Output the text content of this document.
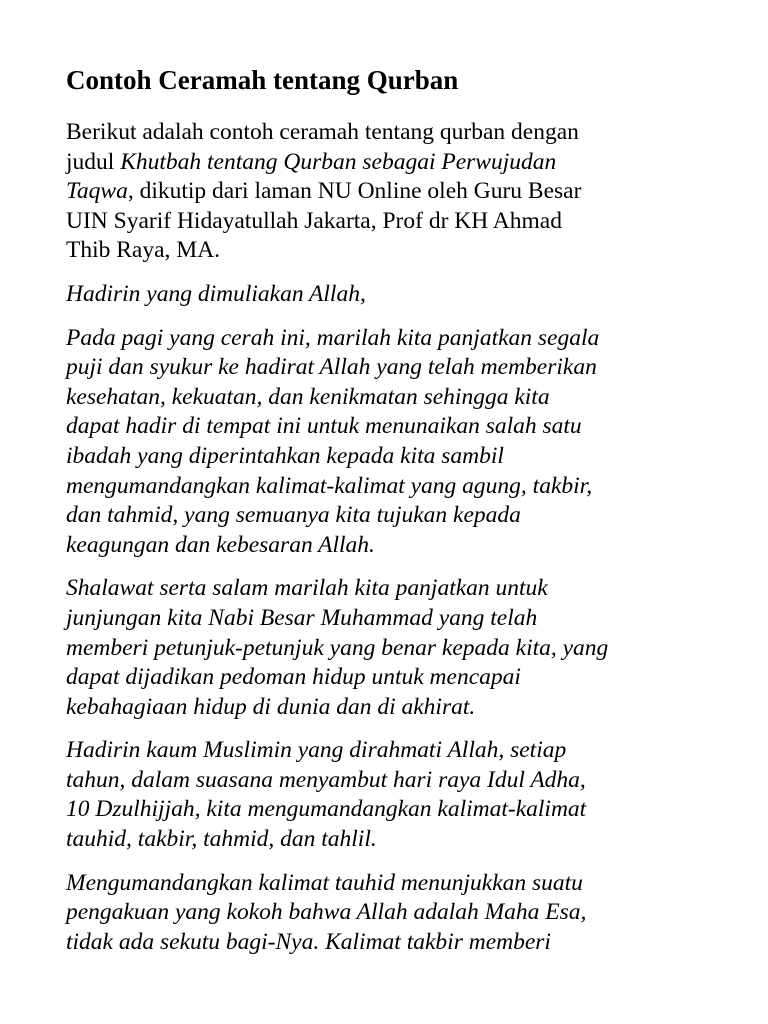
Contoh Ceramah tentang Qurban

Berikut adalah contoh ceramah tentang qurban dengan
judul Khutbah tentang Qurban sebagai Perwujudan
Taqwa, dikutip dari laman NU Online oleh Guru Besar
UIN Syarif Hidayatullah Jakarta, Prof dr KH Ahmad
Thib Raya, MA.

Hadirin yang dimuliakan Allah,

Pada pagi yang cerah ini, marilah kita panjatkan segala
puji dan syukur ke hadirat Allah yang telah memberikan
kesehatan, kekuatan, dan kenikmatan sehingga kita
dapat hadir di tempat ini untuk menunaikan salah satu
ibadah yang diperintahkan kepada kita sambil
mengumandangkan kalimat-kalimat yang agung, takbir,
dan tahmid, yang semuanya kita tujukan kepada
keagungan dan kebesaran Allah.

Shalawat serta salam marilah kita panjatkan untuk
junjungan kita Nabi Besar Muhammad yang telah
memberi petunjuk-petunjuk yang benar kepada kita, yang
dapat dijadikan pedoman hidup untuk mencapai
kebahagiaan hidup di dunia dan di akhirat.

Hadirin kaum Muslimin yang dirahmati Allah, setiap
tahun, dalam suasana menyambut hari raya Idul Adha,
10 Dzulhijjah, kita mengumandangkan kalimat-kalimat
tauhid, takbir, tahmid, dan tahlil.

Mengumandangkan kalimat tauhid menunjukkan suatu
pengakuan yang kokoh bahwa Allah adalah Maha Esa,
tidak ada sekutu bagi-Nya. Kalimat takbir memberi
